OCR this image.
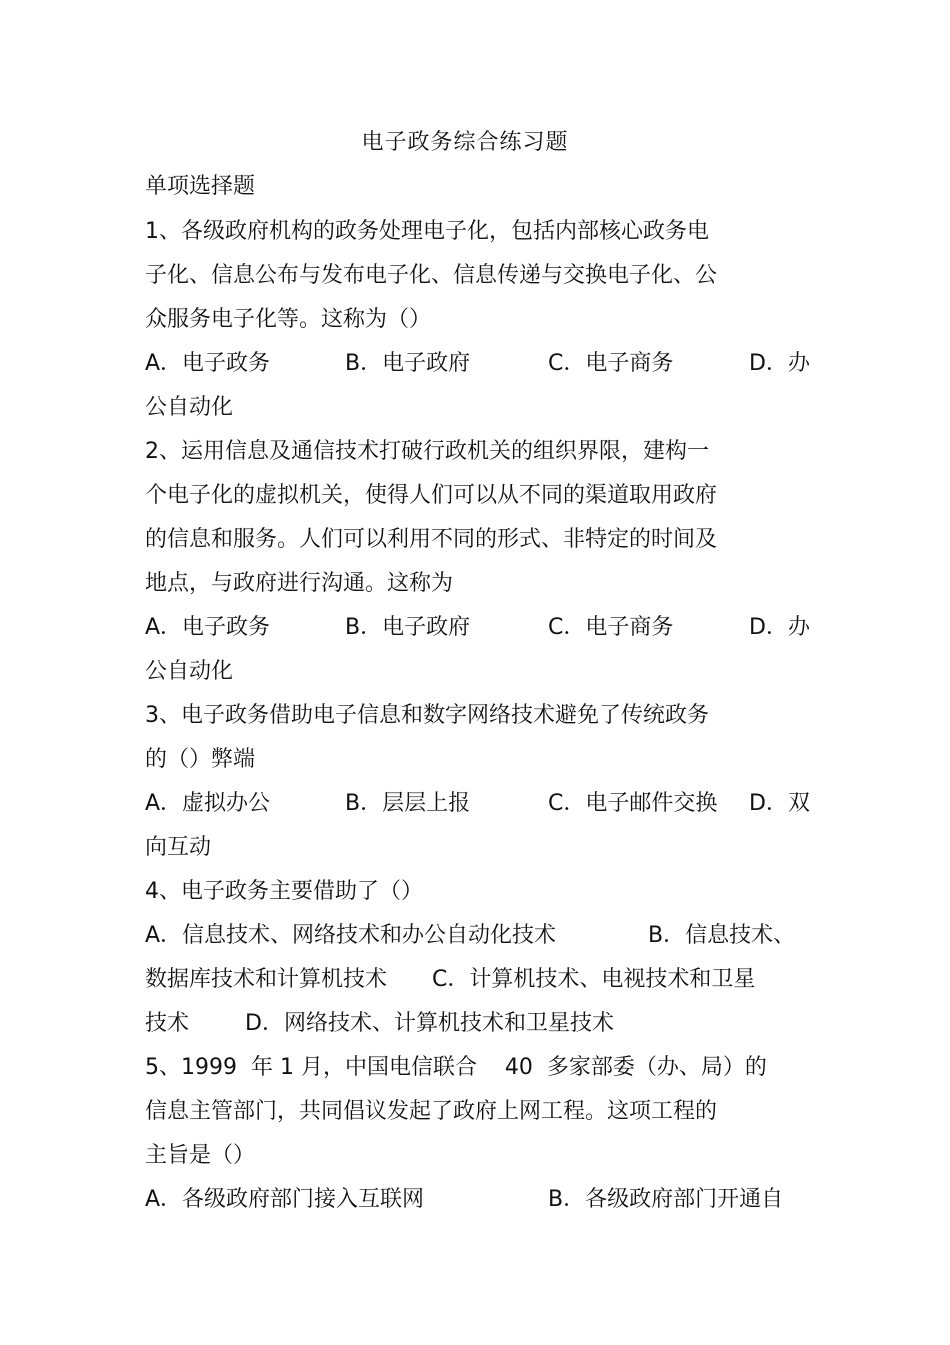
电子政务综合练习题
单项选择题
1、各级政府机构的政务处理电子化，包括内部核心政务电
子化、信息公布与发布电子化、信息传递与交换电子化、公
众服务电子化等。这称为（）
A．电子政务	B．电子政府	C．电子商务	D．办
公自动化
2、运用信息及通信技术打破行政机关的组织界限，建构一
个电子化的虚拟机关，使得人们可以从不同的渠道取用政府
的信息和服务。人们可以利用不同的形式、非特定的时间及
地点，与政府进行沟通。这称为
A．电子政务	B．电子政府	C．电子商务	D．办
公自动化
3、电子政务借助电子信息和数字网络技术避免了传统政务
的（）弊端
A．虚拟办公	B．层层上报	C．电子邮件交换 D．双
向互动
4、电子政务主要借助了（）
A．信息技术、网络技术和办公自动化技术	B．信息技术、
数据库技术和计算机技术 C．计算机技术、电视技术和卫星
技术	D．网络技术、计算机技术和卫星技术
5、1999  年 1 月，中国电信联合    40  多家部委（办、局）的
信息主管部门，共同倡议发起了政府上网工程。这项工程的
主旨是（）
A．各级政府部门接入互联网	B．各级政府部门开通自
